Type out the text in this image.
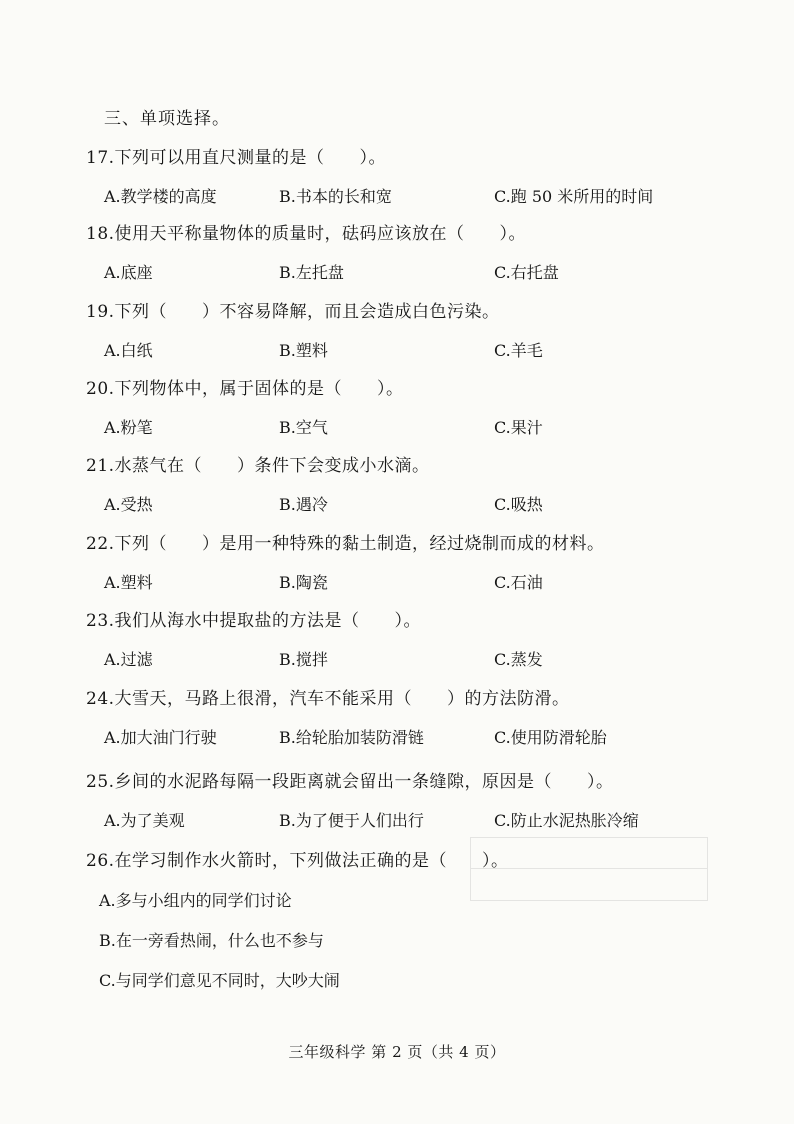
三、单项选择。
17.下列可以用直尺测量的是（　　）。
A.教学楼的高度	B.书本的长和宽	C.跑 50 米所用的时间
18.使用天平称量物体的质量时，砝码应该放在（　　）。
A.底座	B.左托盘	C.右托盘
19.下列（　　）不容易降解，而且会造成白色污染。
A.白纸	B.塑料	C.羊毛
20.下列物体中，属于固体的是（　　）。
A.粉笔	B.空气	C.果汁
21.水蒸气在（　　）条件下会变成小水滴。
A.受热	B.遇冷	C.吸热
22.下列（　　）是用一种特殊的黏土制造，经过烧制而成的材料。
A.塑料	B.陶瓷	C.石油
23.我们从海水中提取盐的方法是（　　）。
A.过滤	B.搅拌	C.蒸发
24.大雪天，马路上很滑，汽车不能采用（　　）的方法防滑。
A.加大油门行驶	B.给轮胎加装防滑链	C.使用防滑轮胎
25.乡间的水泥路每隔一段距离就会留出一条缝隙，原因是（　　）。
A.为了美观	B.为了便于人们出行	C.防止水泥热胀冷缩
26.在学习制作水火箭时，下列做法正确的是（　　）。
A.多与小组内的同学们讨论
B.在一旁看热闹，什么也不参与
C.与同学们意见不同时，大吵大闹
三年级科学 第 2 页（共 4 页）
